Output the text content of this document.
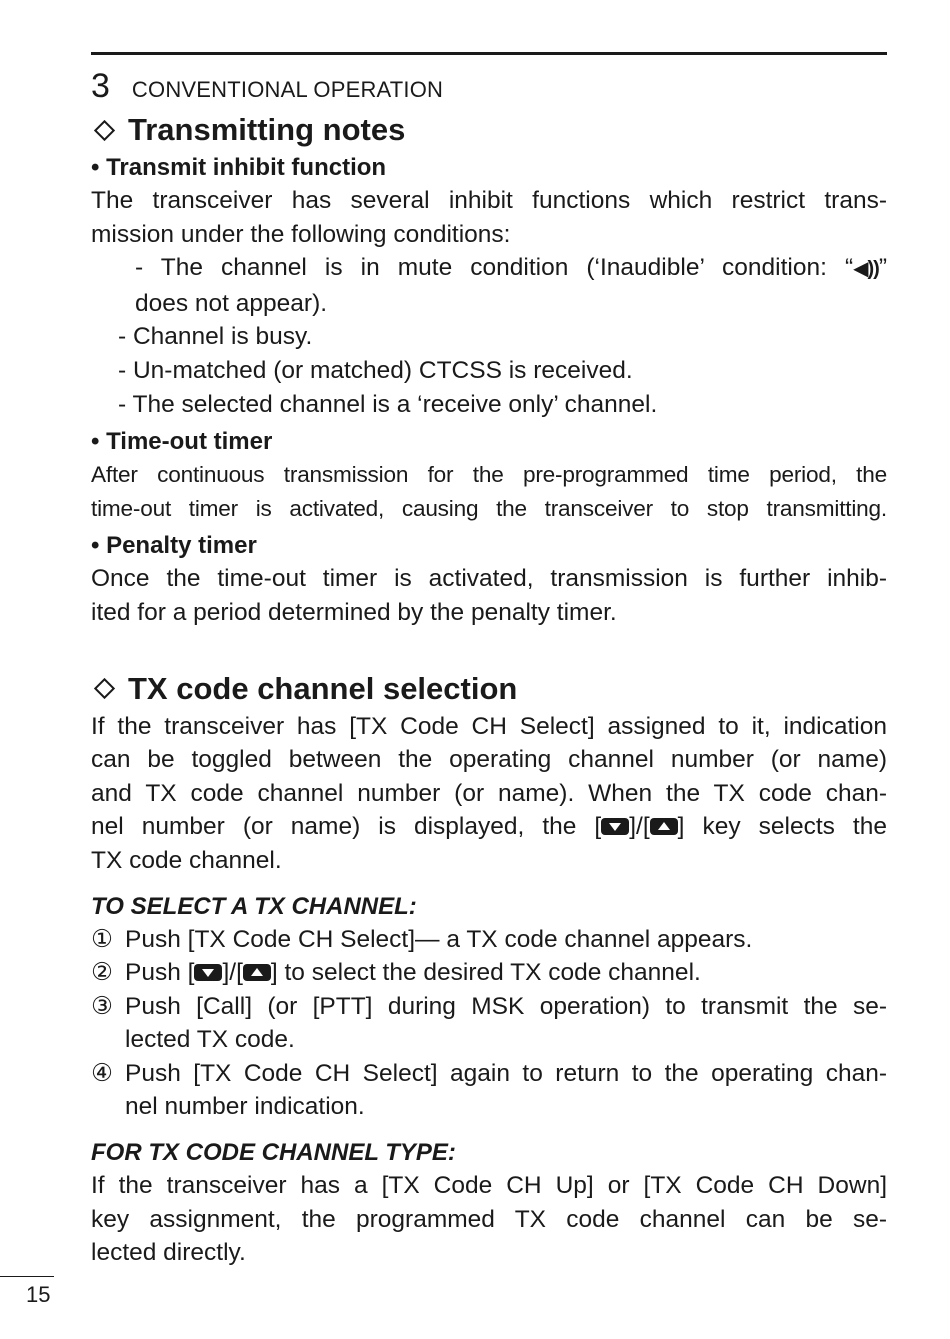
3 CONVENTIONAL OPERATION
Transmitting notes
• Transmit inhibit function

The transceiver has several inhibit functions which restrict trans-
mission under the following conditions:

- The channel is in mute condition (‘Inaudible’ condition: “◀))”
does not appear).
- Channel is busy.
- Un-matched (or matched) CTCSS is received.
- The selected channel is a ‘receive only’ channel.
• Time-out timer

After continuous transmission for the pre-programmed time period, the
time-out timer is activated, causing the transceiver to stop transmitting.

• Penalty timer

Once the time-out timer is activated, transmission is further inhib-
ited for a period determined by the penalty timer.

TX code channel selection

If the transceiver has [TX Code CH Select] assigned to it, indication
can be toggled between the operating channel number (or name)
and TX code channel number (or name). When the TX code chan-
nel number (or name) is displayed, the [ ]/[ ] key selects the
TX code channel.

TO SELECT A TX CHANNEL:
① Push [TX Code CH Select]— a TX code channel appears.
② Push [ ]/[ ] to select the desired TX code channel.
③ Push [Call] (or [PTT] during MSK operation) to transmit the se-
lected TX code.
④ Push [TX Code CH Select] again to return to the operating chan-
nel number indication.
FOR TX CODE CHANNEL TYPE:

If the transceiver has a [TX Code CH Up] or [TX Code CH Down]
key assignment, the programmed TX code channel can be se-
lected directly.

15
